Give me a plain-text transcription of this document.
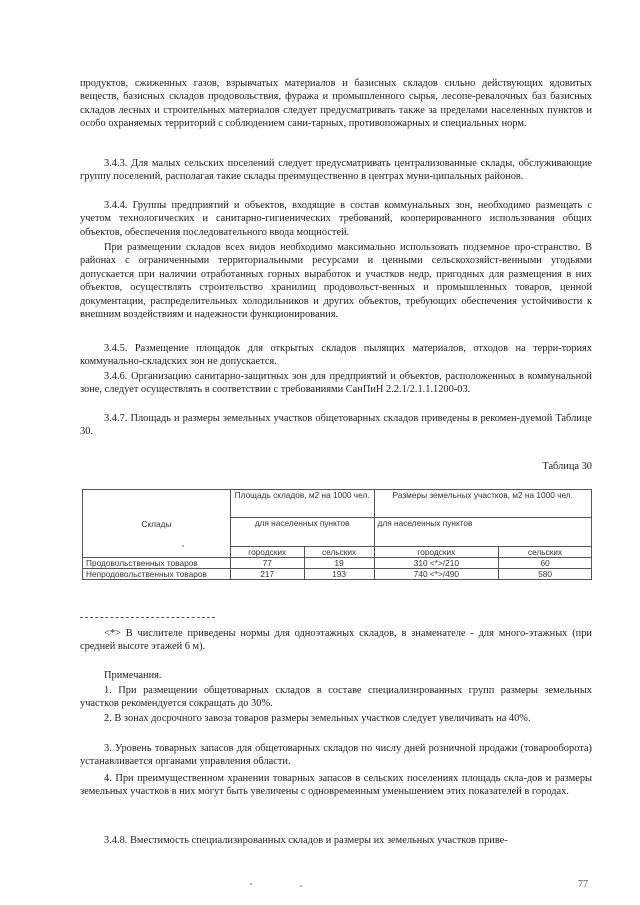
продуктов, сжиженных газов, взрывчатых материалов и базисных складов сильно действующих ядовитых веществ, базисных складов продовольствия, фуража и промышленного сырья, лесопе-ревалочных баз базисных складов лесных и строительных материалов следует предусматривать также за пределами населенных пунктов и особо охраняемых территорий с соблюдением сани-тарных, противопожарных и специальных норм.

3.4.3. Для малых сельских поселений следует предусматривать централизованные склады, обслуживающие группу поселений, располагая такие склады преимущественно в центрах муни-ципальных районов.

3.4.4. Группы предприятий и объектов, входящие в состав коммунальных зон, необходимо размещать с учетом технологических и санитарно-гигиенических требований, кооперированного использования общих объектов, обеспечения последовательного ввода мощностей.

При размещении складов всех видов необходимо максимально использовать подземное про-странство. В районах с ограниченными территориальными ресурсами и ценными сельскохозяйст-венными угодьями допускается при наличии отработанных горных выработок и участков недр, пригодных для размещения в них объектов, осуществлять строительство хранилищ продовольст-венных и промышленных товаров, ценной документации, распределительных холодильников и других объектов, требующих обеспечения устойчивости к внешним воздействиям и надежности функционирования.

3.4.5. Размещение площадок для открытых складов пылящих материалов, отходов на терри-ториях коммунально-складских зон не допускается.

3.4.6. Организацию санитарно-защитных зон для предприятий и объектов, расположенных в коммунальной зоне, следует осуществлять в соответствии с требованиями СанПиН 2.2.1/2.1.1.1200-03.

3.4.7. Площадь и размеры земельных участков общетоварных складов приведены в рекомен-дуемой Таблице 30.

Таблица 30
Склады	Площадь складов, м2 на 1000 чел.		Размеры земельных участков, м2 на 1000 чел.	
	для населенных пунктов		для населенных пунктов	
	городских	сельских	городских	сельских
Продовольственных товаров	77	19	310 <*>/210	60
Непродовольственных товаров	217	193	740 <*>/490	580

<*> В числителе приведены нормы для одноэтажных складов, в знаменателе - для много-этажных (при средней высоте этажей 6 м).

Примечания.

1. При размещении общетоварных складов в составе специализированных групп размеры земельных участков рекомендуется сокращать до 30%.

2. В зонах досрочного завоза товаров размеры земельных участков следует увеличивать на 40%.

3. Уровень товарных запасов для общетоварных складов по числу дней розничной продажи (товарооборота) устанавливается органами управления области.

4. При преимущественном хранении товарных запасов в сельских поселениях площадь скла-дов и размеры земельных участков в них могут быть увеличены с одновременным уменьшением этих показателей в городах.

3.4.8. Вместимость специализированных складов и размеры их земельных участков приве-

77
